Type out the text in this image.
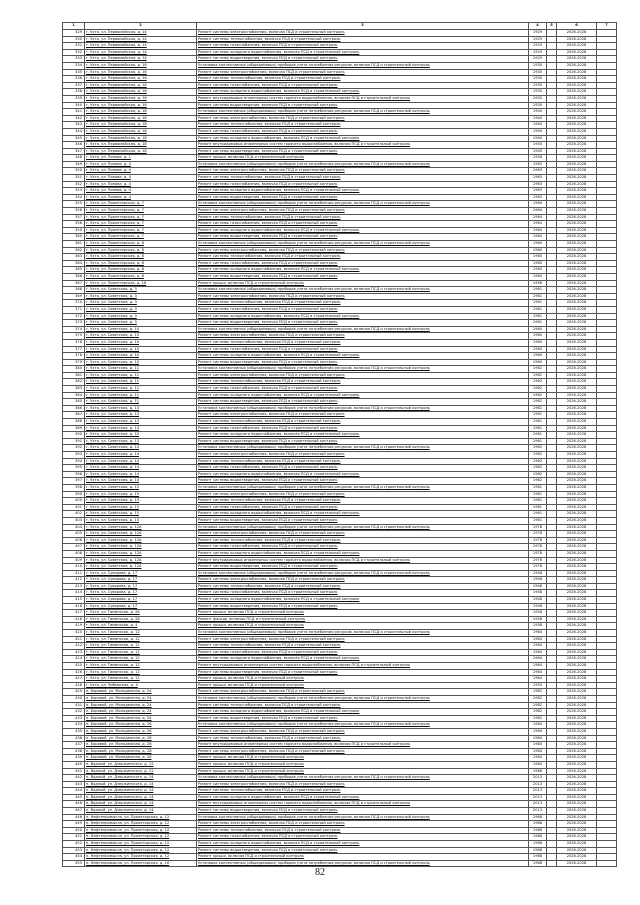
1	2	3	4	5	6	7
329	г. Ухта, ул. Первомайская, д. 14	Ремонт системы электроснабжения, включая ПСД и строительный контроль	1929		2026-2028	
330	г. Ухта, ул. Первомайская, д. 14	Ремонт системы теплоснабжения, включая ПСД и строительный контроль	1929		2026-2028	
331	г. Ухта, ул. Первомайская, д. 14	Ремонт системы газоснабжения, включая ПСД и строительный контроль	1929		2026-2028	
332	г. Ухта, ул. Первомайская, д. 14	Ремонт системы холодного водоснабжения, включая ПСД и строительный контроль	1929		2026-2028	
333	г. Ухта, ул. Первомайская, д. 14	Ремонт системы водоотведения, включая ПСД и строительный контроль	1929		2026-2028	
334	г. Ухта, ул. Первомайская, д. 16	Установка коллективных (общедомовых) приборов учета потребления ресурсов, включая ПСД и строительный контроль	1930		2026-2028	
335	г. Ухта, ул. Первомайская, д. 16	Ремонт системы электроснабжения, включая ПСД и строительный контроль	1930		2026-2028	
336	г. Ухта, ул. Первомайская, д. 16	Ремонт системы теплоснабжения, включая ПСД и строительный контроль	1930		2026-2028	
337	г. Ухта, ул. Первомайская, д. 16	Ремонт системы газоснабжения, включая ПСД и строительный контроль	1930		2026-2028	
338	г. Ухта, ул. Первомайская, д. 16	Ремонт системы холодного водоснабжения, включая ПСД и строительный контроль	1930		2026-2028	
339	г. Ухта, ул. Первомайская, д. 16	Ремонт внутридомовых инженерных систем горячего водоснабжения, включая ПСД и строительный контроль	1930		2026-2028	
340	г. Ухта, ул. Первомайская, д. 16	Ремонт системы водоотведения, включая ПСД и строительный контроль	1930		2026-2028	
341	г. Ухта, ул. Первомайская, д. 18	Установка коллективных (общедомовых) приборов учета потребления ресурсов, включая ПСД и строительный контроль	1940		2026-2028	
342	г. Ухта, ул. Первомайская, д. 18	Ремонт системы электроснабжения, включая ПСД и строительный контроль	1940		2026-2028	
343	г. Ухта, ул. Первомайская, д. 18	Ремонт системы теплоснабжения, включая ПСД и строительный контроль	1940		2026-2028	
344	г. Ухта, ул. Первомайская, д. 18	Ремонт системы газоснабжения, включая ПСД и строительный контроль	1940		2026-2028	
345	г. Ухта, ул. Первомайская, д. 18	Ремонт системы холодного водоснабжения, включая ПСД и строительный контроль	1940		2026-2028	
346	г. Ухта, ул. Первомайская, д. 18	Ремонт внутридомовых инженерных систем горячего водоснабжения, включая ПСД и строительный контроль	1940		2026-2028	
347	г. Ухта, ул. Первомайская, д. 18	Ремонт системы водоотведения, включая ПСД и строительный контроль	1940		2026-2028	
348	г. Ухта, ул. Попова, д. 1	Ремонт крыши, включая ПСД и строительный контроль	1956		2026-2028	
349	г. Ухта, ул. Попова, д. 4	Установка коллективных (общедомовых) приборов учета потребления ресурсов, включая ПСД и строительный контроль	1963		2026-2028	
350	г. Ухта, ул. Попова, д. 4	Ремонт системы электроснабжения, включая ПСД и строительный контроль	1963		2026-2028	
351	г. Ухта, ул. Попова, д. 4	Ремонт системы теплоснабжения, включая ПСД и строительный контроль	1963		2026-2028	
352	г. Ухта, ул. Попова, д. 4	Ремонт системы газоснабжения, включая ПСД и строительный контроль	1963		2026-2028	
353	г. Ухта, ул. Попова, д. 4	Ремонт системы холодного водоснабжения, включая ПСД и строительный контроль	1963		2026-2028	
354	г. Ухта, ул. Попова, д. 4	Ремонт системы водоотведения, включая ПСД и строительный контроль	1963		2026-2028	
355	г. Ухта, ул. Пролетарская, д. 7	Установка коллективных (общедомовых) приборов учета потребления ресурсов, включая ПСД и строительный контроль	1964		2026-2028	
356	г. Ухта, ул. Пролетарская, д. 7	Ремонт системы электроснабжения, включая ПСД и строительный контроль	1964		2026-2028	
357	г. Ухта, ул. Пролетарская, д. 7	Ремонт системы теплоснабжения, включая ПСД и строительный контроль	1964		2026-2028	
358	г. Ухта, ул. Пролетарская, д. 7	Ремонт системы газоснабжения, включая ПСД и строительный контроль	1964		2026-2028	
359	г. Ухта, ул. Пролетарская, д. 7	Ремонт системы холодного водоснабжения, включая ПСД и строительный контроль	1964		2026-2028	
360	г. Ухта, ул. Пролетарская, д. 7	Ремонт системы водоотведения, включая ПСД и строительный контроль	1964		2026-2028	
361	г. Ухта, ул. Пролетарская, д. 8	Установка коллективных (общедомовых) приборов учета потребления ресурсов, включая ПСД и строительный контроль	1960		2026-2028	
362	г. Ухта, ул. Пролетарская, д. 8	Ремонт системы электроснабжения, включая ПСД и строительный контроль	1960		2026-2028	
363	г. Ухта, ул. Пролетарская, д. 8	Ремонт системы теплоснабжения, включая ПСД и строительный контроль	1960		2026-2028	
364	г. Ухта, ул. Пролетарская, д. 8	Ремонт системы газоснабжения, включая ПСД и строительный контроль	1960		2026-2028	
365	г. Ухта, ул. Пролетарская, д. 8	Ремонт системы холодного водоснабжения, включая ПСД и строительный контроль	1960		2026-2028	
366	г. Ухта, ул. Пролетарская, д. 8	Ремонт системы водоотведения, включая ПСД и строительный контроль	1960		2026-2028	
367	г. Ухта, ул. Пролетарская, д. 16	Ремонт крыши, включая ПСД и строительный контроль	1956		2026-2028	
368	г. Ухта, ул. Советская, д. 3	Установка коллективных (общедомовых) приборов учета потребления ресурсов, включая ПСД и строительный контроль	1961		2026-2028	
369	г. Ухта, ул. Советская, д. 3	Ремонт системы электроснабжения, включая ПСД и строительный контроль	1961		2026-2028	
370	г. Ухта, ул. Советская, д. 3	Ремонт системы теплоснабжения, включая ПСД и строительный контроль	1961		2026-2028	
371	г. Ухта, ул. Советская, д. 3	Ремонт системы газоснабжения, включая ПСД и строительный контроль	1961		2026-2028	
372	г. Ухта, ул. Советская, д. 3	Ремонт системы холодного водоснабжения, включая ПСД и строительный контроль	1961		2026-2028	
373	г. Ухта, ул. Советская, д. 3	Ремонт системы водоотведения, включая ПСД и строительный контроль	1961		2026-2028	
374	г. Ухта, ул. Советская, д. 10	Установка коллективных (общедомовых) приборов учета потребления ресурсов, включая ПСД и строительный контроль	1960		2026-2028	
375	г. Ухта, ул. Советская, д. 10	Ремонт системы электроснабжения, включая ПСД и строительный контроль	1960		2026-2028	
376	г. Ухта, ул. Советская, д. 10	Ремонт системы теплоснабжения, включая ПСД и строительный контроль	1960		2026-2028	
377	г. Ухта, ул. Советская, д. 10	Ремонт системы газоснабжения, включая ПСД и строительный контроль	1960		2026-2028	
378	г. Ухта, ул. Советская, д. 10	Ремонт системы холодного водоснабжения, включая ПСД и строительный контроль	1960		2026-2028	
379	г. Ухта, ул. Советская, д. 10	Ремонт системы водоотведения, включая ПСД и строительный контроль	1960		2026-2028	
380	г. Ухта, ул. Советская, д. 11	Установка коллективных (общедомовых) приборов учета потребления ресурсов, включая ПСД и строительный контроль	1962		2026-2028	
381	г. Ухта, ул. Советская, д. 11	Ремонт системы электроснабжения, включая ПСД и строительный контроль	1962		2026-2028	
382	г. Ухта, ул. Советская, д. 11	Ремонт системы теплоснабжения, включая ПСД и строительный контроль	1962		2026-2028	
383	г. Ухта, ул. Советская, д. 11	Ремонт системы газоснабжения, включая ПСД и строительный контроль	1962		2026-2028	
384	г. Ухта, ул. Советская, д. 11	Ремонт системы холодного водоснабжения, включая ПСД и строительный контроль	1962		2026-2028	
385	г. Ухта, ул. Советская, д. 11	Ремонт системы водоотведения, включая ПСД и строительный контроль	1962		2026-2028	
386	г. Ухта, ул. Советская, д. 13	Установка коллективных (общедомовых) приборов учета потребления ресурсов, включая ПСД и строительный контроль	1961		2026-2028	
387	г. Ухта, ул. Советская, д. 13	Ремонт системы электроснабжения, включая ПСД и строительный контроль	1961		2026-2028	
388	г. Ухта, ул. Советская, д. 13	Ремонт системы теплоснабжения, включая ПСД и строительный контроль	1961		2026-2028	
389	г. Ухта, ул. Советская, д. 13	Ремонт системы газоснабжения, включая ПСД и строительный контроль	1961		2026-2028	
390	г. Ухта, ул. Советская, д. 13	Ремонт системы холодного водоснабжения, включая ПСД и строительный контроль	1961		2026-2028	
391	г. Ухта, ул. Советская, д. 13	Ремонт системы водоотведения, включая ПСД и строительный контроль	1961		2026-2028	
392	г. Ухта, ул. Советская, д. 14	Установка коллективных (общедомовых) приборов учета потребления ресурсов, включая ПСД и строительный контроль	1962		2026-2028	
393	г. Ухта, ул. Советская, д. 14	Ремонт системы электроснабжения, включая ПСД и строительный контроль	1962		2026-2028	
394	г. Ухта, ул. Советская, д. 14	Ремонт системы теплоснабжения, включая ПСД и строительный контроль	1962		2026-2028	
395	г. Ухта, ул. Советская, д. 14	Ремонт системы газоснабжения, включая ПСД и строительный контроль	1962		2026-2028	
396	г. Ухта, ул. Советская, д. 14	Ремонт системы холодного водоснабжения, включая ПСД и строительный контроль	1962		2026-2028	
397	г. Ухта, ул. Советская, д. 14	Ремонт системы водоотведения, включая ПСД и строительный контроль	1962		2026-2028	
398	г. Ухта, ул. Советская, д. 15	Установка коллективных (общедомовых) приборов учета потребления ресурсов, включая ПСД и строительный контроль	1961		2026-2028	
399	г. Ухта, ул. Советская, д. 15	Ремонт системы электроснабжения, включая ПСД и строительный контроль	1961		2026-2028	
400	г. Ухта, ул. Советская, д. 15	Ремонт системы теплоснабжения, включая ПСД и строительный контроль	1961		2026-2028	
401	г. Ухта, ул. Советская, д. 15	Ремонт системы газоснабжения, включая ПСД и строительный контроль	1961		2026-2028	
402	г. Ухта, ул. Советская, д. 15	Ремонт системы холодного водоснабжения, включая ПСД и строительный контроль	1961		2026-2028	
403	г. Ухта, ул. Советская, д. 15	Ремонт системы водоотведения, включая ПСД и строительный контроль	1961		2026-2028	
404	г. Ухта, ул. Советская, д. 12А	Установка коллективных (общедомовых) приборов учета потребления ресурсов, включая ПСД и строительный контроль	1978		2026-2028	
405	г. Ухта, ул. Советская, д. 12А	Ремонт системы электроснабжения, включая ПСД и строительный контроль	1978		2026-2028	
406	г. Ухта, ул. Советская, д. 12А	Ремонт системы теплоснабжения, включая ПСД и строительный контроль	1978		2026-2028	
407	г. Ухта, ул. Советская, д. 12А	Ремонт системы газоснабжения, включая ПСД и строительный контроль	1978		2026-2028	
408	г. Ухта, ул. Советская, д. 12А	Ремонт системы холодного водоснабжения, включая ПСД и строительный контроль	1978		2026-2028	
409	г. Ухта, ул. Советская, д. 12А	Ремонт внутридомовых инженерных систем горячего водоснабжения, включая ПСД и строительный контроль	1978		2026-2028	
410	г. Ухта, ул. Советская, д. 12А	Ремонт системы водоотведения, включая ПСД и строительный контроль	1978		2026-2028	
411	г. Ухта, ул. Суворова, д. 17	Установка коллективных (общедомовых) приборов учета потребления ресурсов, включая ПСД и строительный контроль	1948		2026-2028	
412	г. Ухта, ул. Суворова, д. 17	Ремонт системы электроснабжения, включая ПСД и строительный контроль	1948		2026-2028	
413	г. Ухта, ул. Суворова, д. 17	Ремонт системы теплоснабжения, включая ПСД и строительный контроль	1948		2026-2028	
414	г. Ухта, ул. Суворова, д. 17	Ремонт системы газоснабжения, включая ПСД и строительный контроль	1948		2026-2028	
415	г. Ухта, ул. Суворова, д. 17	Ремонт системы холодного водоснабжения, включая ПСД и строительный контроль	1948		2026-2028	
416	г. Ухта, ул. Суворова, д. 17	Ремонт системы водоотведения, включая ПСД и строительный контроль	1948		2026-2028	
417	г. Ухта, ул. Тиманская, д. 28	Ремонт крыши, включая ПСД и строительный контроль	1958		2026-2028	
418	г. Ухта, ул. Тиманская, д. 28	Ремонт фасада, включая ПСД и строительный контроль	1958		2026-2028	
419	г. Ухта, ул. Тиманская, д. 4	Ремонт крыши, включая ПСД и строительный контроль	1958		2026-2028	
420	г. Ухта, ул. Тиманская, д. 12	Установка коллективных (общедомовых) приборов учета потребления ресурсов, включая ПСД и строительный контроль	1964		2026-2028	
421	г. Ухта, ул. Тиманская, д. 12	Ремонт системы электроснабжения, включая ПСД и строительный контроль	1964		2026-2028	
422	г. Ухта, ул. Тиманская, д. 12	Ремонт системы теплоснабжения, включая ПСД и строительный контроль	1964		2026-2028	
423	г. Ухта, ул. Тиманская, д. 12	Ремонт системы газоснабжения, включая ПСД и строительный контроль	1964		2026-2028	
424	г. Ухта, ул. Тиманская, д. 12	Ремонт системы холодного водоснабжения, включая ПСД и строительный контроль	1964		2026-2028	
425	г. Ухта, ул. Тиманская, д. 12	Ремонт внутридомовых инженерных систем горячего водоснабжения, включая ПСД и строительный контроль	1964		2026-2028	
426	г. Ухта, ул. Тиманская, д. 12	Ремонт системы водоотведения, включая ПСД и строительный контроль	1964		2026-2028	
427	г. Ухта, ул. Тиманская, д. 12	Ремонт крыши, включая ПСД и строительный контроль	1964		2026-2028	
428	г. Ухта, ул. Чибьюская, д. 4	Ремонт крыши, включая ПСД и строительный контроль	1950		2026-2028	
429	п. Боровой, ул. Молодежная, д. 24	Ремонт системы электроснабжения, включая ПСД и строительный контроль	1982		2026-2028	
430	п. Боровой, ул. Молодежная, д. 24	Установка коллективных (общедомовых) приборов учета потребления ресурсов, включая ПСД и строительный контроль	1982		2026-2028	
431	п. Боровой, ул. Молодежная, д. 24	Ремонт системы теплоснабжения, включая ПСД и строительный контроль	1982		2026-2028	
432	п. Боровой, ул. Молодежная, д. 24	Ремонт системы холодного водоснабжения, включая ПСД и строительный контроль	1982		2026-2028	
433	п. Боровой, ул. Молодежная, д. 24	Ремонт системы водоотведения, включая ПСД и строительный контроль	1982		2026-2028	
434	п. Боровой, ул. Молодежная, д. 26	Установка коллективных (общедомовых) приборов учета потребления ресурсов, включая ПСД и строительный контроль	1984		2026-2028	
435	п. Боровой, ул. Молодежная, д. 26	Ремонт системы электроснабжения, включая ПСД и строительный контроль	1984		2026-2028	
436	п. Боровой, ул. Молодежная, д. 26	Ремонт системы теплоснабжения, включая ПСД и строительный контроль	1984		2026-2028	
437	п. Боровой, ул. Молодежная, д. 26	Ремонт внутридомовых инженерных систем горячего водоснабжения, включая ПСД и строительный контроль	1984		2026-2028	
438	п. Боровой, ул. Молодежная, д. 28	Ремонт системы электроснабжения, включая ПСД и строительный контроль	1984		2026-2028	
439	п. Боровой, ул. Молодежная, д. 28	Ремонт крыши, включая ПСД и строительный контроль	1984		2026-2028	
440	п. Водный, ул. Дзержинского, д. 12	Ремонт крыши, включая ПСД и строительный контроль	1964		2026-2028	
441	п. Водный, ул. Дзержинского, д. 12	Ремонт крыши, включая ПСД и строительный контроль	1966		2026-2028	
442	п. Водный, ул. Дзержинского, д. 14	Установка коллективных (общедомовых) приборов учета потребления ресурсов, включая ПСД и строительный контроль	2013		2026-2028	
443	п. Водный, ул. Дзержинского, д. 14	Ремонт системы электроснабжения, включая ПСД и строительный контроль	2013		2026-2028	
444	п. Водный, ул. Дзержинского, д. 14	Ремонт системы теплоснабжения, включая ПСД и строительный контроль	2013		2026-2028	
445	п. Водный, ул. Дзержинского, д. 14	Ремонт системы холодного водоснабжения, включая ПСД и строительный контроль	2013		2026-2028	
446	п. Водный, ул. Дзержинского, д. 14	Ремонт внутридомовых инженерных систем горячего водоснабжения, включая ПСД и строительный контроль	2013		2026-2028	
447	п. Водный, ул. Дзержинского, д. 14	Ремонт системы водоотведения, включая ПСД и строительный контроль	2013		2026-2028	
448	п. Нефтепромысла, ул. Пролетарская, д. 12	Установка коллективных (общедомовых) приборов учета потребления ресурсов, включая ПСД и строительный контроль	1968		2026-2028	
449	п. Нефтепромысла, ул. Пролетарская, д. 12	Ремонт системы электроснабжения, включая ПСД и строительный контроль	1968		2026-2028	
450	п. Нефтепромысла, ул. Пролетарская, д. 12	Ремонт системы теплоснабжения, включая ПСД и строительный контроль	1968		2026-2028	
451	п. Нефтепромысла, ул. Пролетарская, д. 12	Ремонт системы газоснабжения, включая ПСД и строительный контроль	1968		2026-2028	
452	п. Нефтепромысла, ул. Пролетарская, д. 12	Ремонт системы холодного водоснабжения, включая ПСД и строительный контроль	1968		2026-2028	
453	п. Нефтепромысла, ул. Пролетарская, д. 12	Ремонт системы водоотведения, включая ПСД и строительный контроль	1968		2026-2028	
454	п. Нефтепромысла, ул. Пролетарская, д. 12	Ремонт крыши, включая ПСД и строительный контроль	1968		2026-2028	
455	п. Нефтепромысла, ул. Пролетарская, д. 16	Установка коллективных (общедомовых) приборов учета потребления ресурсов, включая ПСД и строительный контроль	1968		2026-2028	
82
